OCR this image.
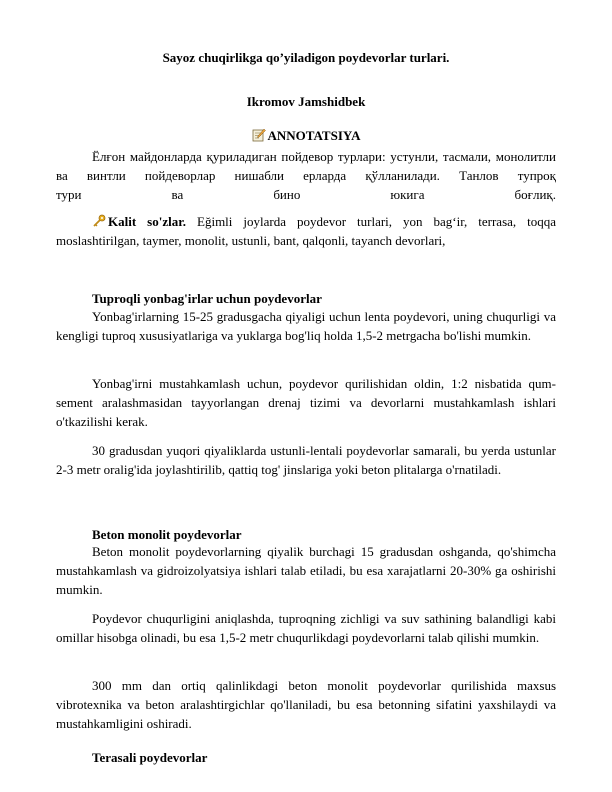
Sayoz chuqirlikga qo’yiladigon poydevorlar turlari.
Ikromov Jamshidbek
ANNOTATSIYA
Ёлғон майдонларда қуриладиган пойдевор турлари: устунли, тасмали, монолитли ва винтли пойдеворлар нишабли ерларда қўлланилади. Танлов тупроқ
тури ва бино юкига боғлиқ.
Kalit so'zlar. Eğimli joylarda poydevor turlari, yon bag‘ir, terrasa, toqqa moslashtirilgan, taymer, monolit, ustunli, bant, qalqonli, tayanch devorlari,
Tuproqli yonbag'irlar uchun poydevorlar
Yonbag'irlarning 15-25 gradusgacha qiyaligi uchun lenta poydevori, uning chuqurligi va kengligi tuproq xususiyatlariga va yuklarga bog'liq holda 1,5-2 metrgacha bo'lishi mumkin.
Yonbag'irni mustahkamlash uchun, poydevor qurilishidan oldin, 1:2 nisbatida qum-sement aralashmasidan tayyorlangan drenaj tizimi va devorlarni mustahkamlash ishlari o'tkazilishi kerak.
30 gradusdan yuqori qiyaliklarda ustunli-lentali poydevorlar samarali, bu yerda ustunlar 2-3 metr oralig'ida joylashtirilib, qattiq tog' jinslariga yoki beton plitalarga o'rnatiladi.
Beton monolit poydevorlar
Beton monolit poydevorlarning qiyalik burchagi 15 gradusdan oshganda, qo'shimcha mustahkamlash va gidroizolyatsiya ishlari talab etiladi, bu esa xarajatlarni 20-30% ga oshirishi mumkin.
Poydevor chuqurligini aniqlashda, tuproqning zichligi va suv sathining balandligi kabi omillar hisobga olinadi, bu esa 1,5-2 metr chuqurlikdagi poydevorlarni talab qilishi mumkin.
300 mm dan ortiq qalinlikdagi beton monolit poydevorlar qurilishida maxsus vibrotexnika va beton aralashtirgichlar qo'llaniladi, bu esa betonning sifatini yaxshilaydi va mustahkamligini oshiradi.
Terasali poydevorlar
